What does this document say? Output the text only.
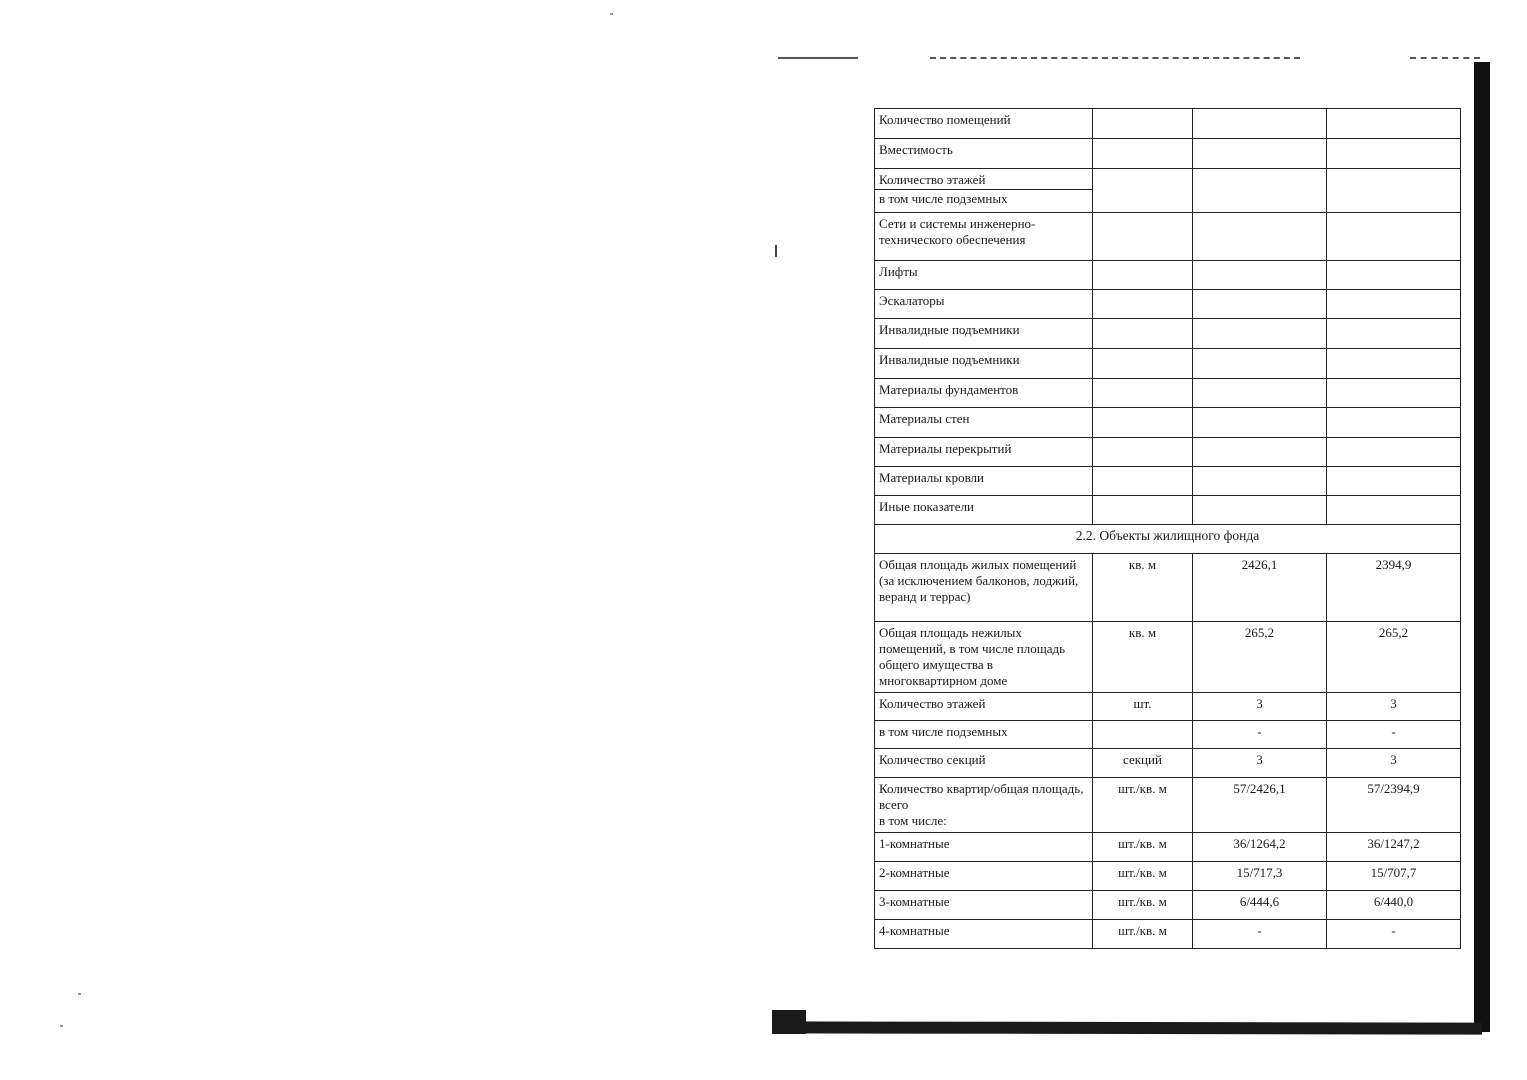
Количество помещений			
Вместимость			

Количество этажей
в том числе подземных			

Сети и системы инженерно-технического обеспечения			
Лифты			
Эскалаторы			
Инвалидные подъемники			
Инвалидные подъемники			
Материалы фундаментов			
Материалы стен			
Материалы перекрытий			
Материалы кровли			
Иные показатели			
2.2. Объекты жилищного фонда			
Общая площадь жилых помещений (за исключением балконов, лоджий, веранд и террас)	кв. м	2426,1	2394,9
Общая площадь нежилых помещений, в том числе площадь общего имущества в многоквартирном доме	кв. м	265,2	265,2
Количество этажей	шт.	3	3
в том числе подземных		-	-
Количество секций	секций	3	3

Количество квартир/общая площадь, всего
в том числе:	шт./кв. м	57/2426,1	57/2394,9
1-комнатные	шт./кв. м	36/1264,2	36/1247,2
2-комнатные	шт./кв. м	15/717,3	15/707,7
3-комнатные	шт./кв. м	6/444,6	6/440,0
4-комнатные	шт./кв. м	-	-
